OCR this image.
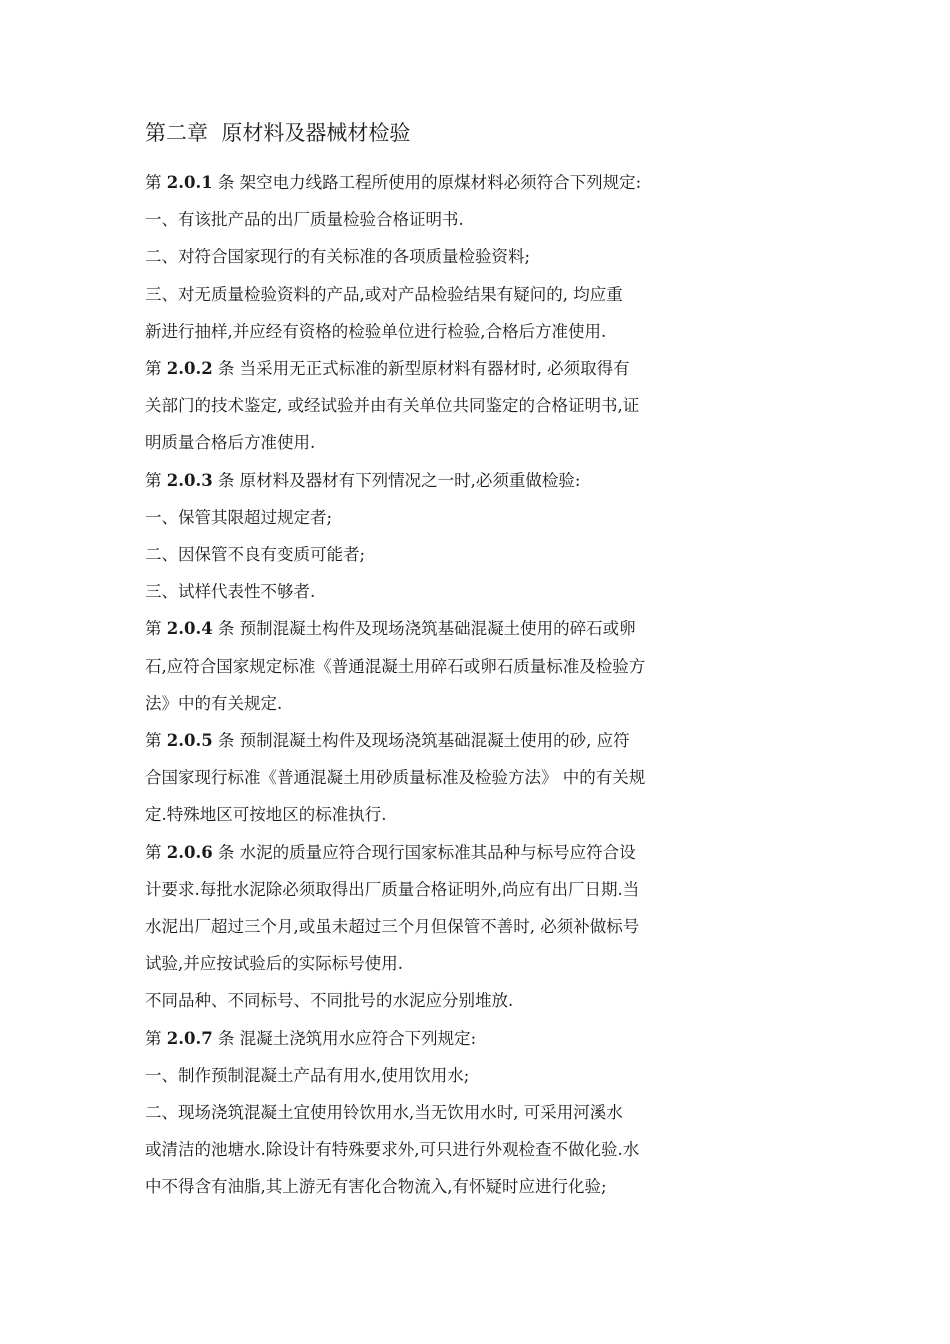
第二章  原材料及器械材检验

第 2.0.1 条 架空电力线路工程所使用的原煤材料必须符合下列规定:

一、有该批产品的出厂质量检验合格证明书.

二、对符合国家现行的有关标准的各项质量检验资料;

三、对无质量检验资料的产品,或对产品检验结果有疑问的, 均应重
新进行抽样,并应经有资格的检验单位进行检验,合格后方准使用.

第 2.0.2 条 当采用无正式标准的新型原材料有器材时, 必须取得有
关部门的技术鉴定, 或经试验并由有关单位共同鉴定的合格证明书,证
明质量合格后方准使用.

第 2.0.3 条 原材料及器材有下列情况之一时,必须重做检验:

一、保管其限超过规定者;

二、因保管不良有变质可能者;

三、试样代表性不够者.

第 2.0.4 条 预制混凝土构件及现场浇筑基础混凝土使用的碎石或卵
石,应符合国家规定标准《普通混凝土用碎石或卵石质量标准及检验方
法》中的有关规定.

第 2.0.5 条 预制混凝土构件及现场浇筑基础混凝土使用的砂, 应符
合国家现行标准《普通混凝土用砂质量标准及检验方法》 中的有关规
定.特殊地区可按地区的标准执行.

第 2.0.6 条 水泥的质量应符合现行国家标准其品种与标号应符合设
计要求.每批水泥除必须取得出厂质量合格证明外,尚应有出厂日期.当
水泥出厂超过三个月,或虽未超过三个月但保管不善时, 必须补做标号
试验,并应按试验后的实际标号使用.

不同品种、不同标号、不同批号的水泥应分别堆放.

第 2.0.7 条 混凝土浇筑用水应符合下列规定:

一、制作预制混凝土产品有用水,使用饮用水;

二、现场浇筑混凝土宜使用铃饮用水,当无饮用水时, 可采用河溪水
或清洁的池塘水.除设计有特殊要求外,可只进行外观检查不做化验.水
中不得含有油脂,其上游无有害化合物流入,有怀疑时应进行化验;
